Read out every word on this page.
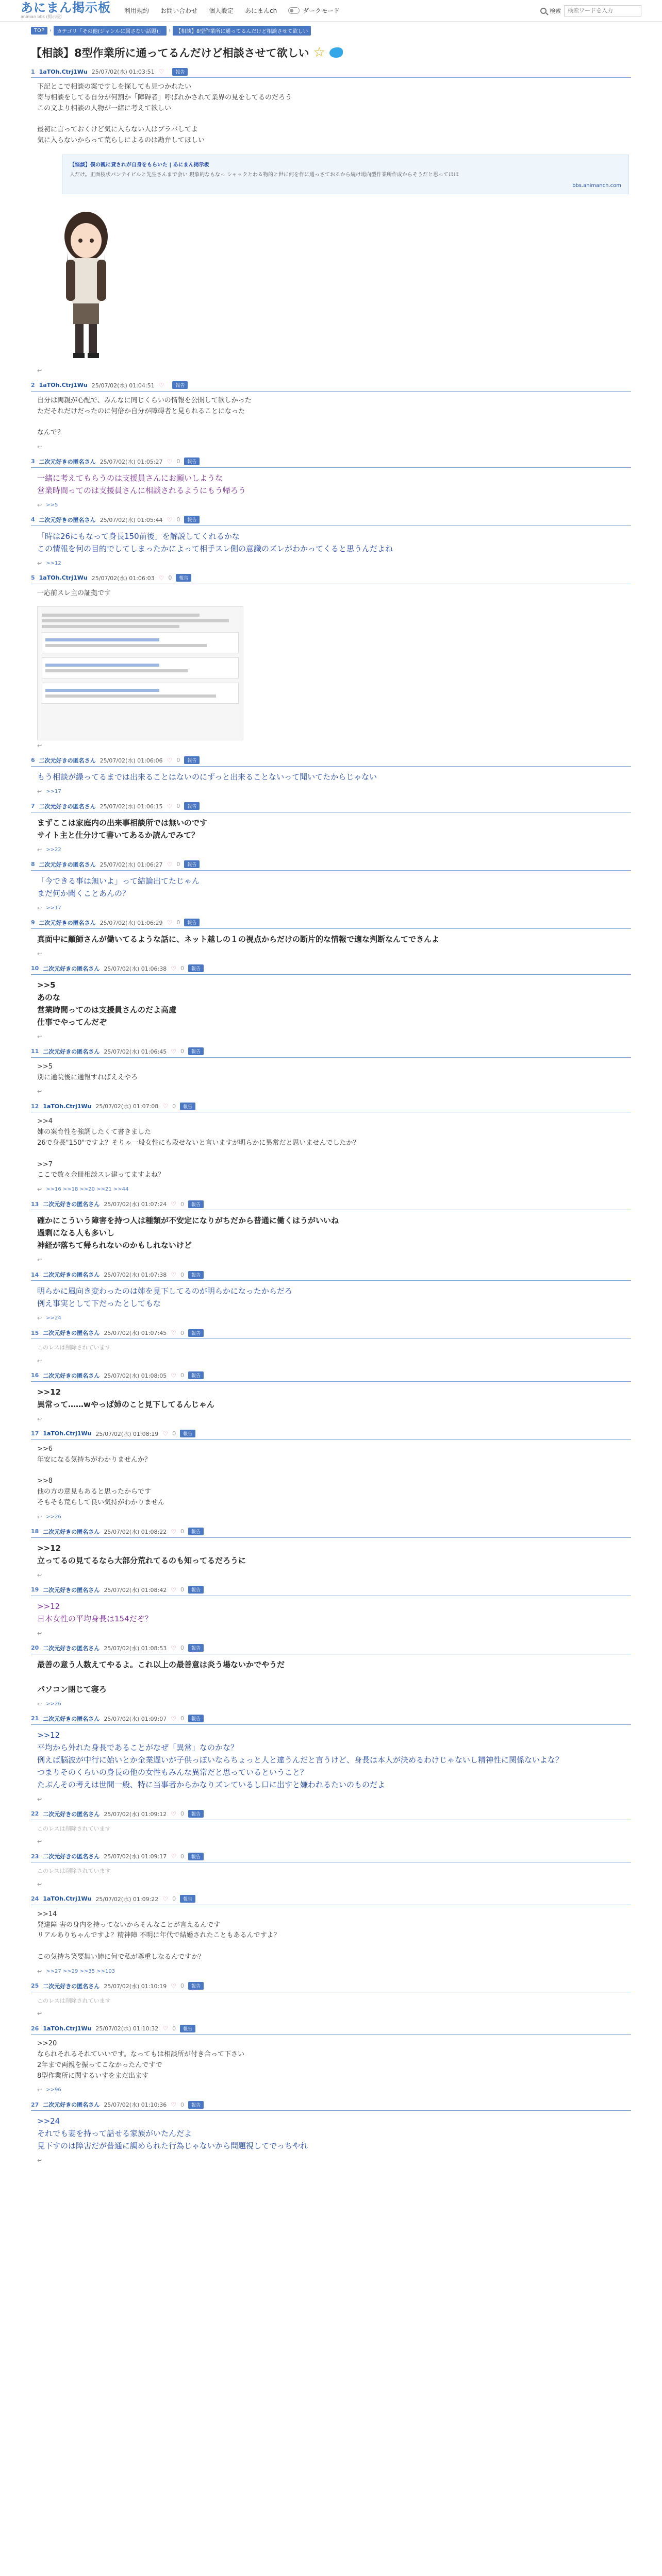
あにまん掲示板
animan bbs (掲示板)
利用規約 お問い合わせ 個人設定 あにまんch	ダークモード	検索
検索ワードを入力
TOP	›	カテゴリ「その他(ジャンルに属さない話題)」	›	【相談】8型作業所に通ってるんだけど相談させて欲しい
【相談】8型作業所に通ってるんだけど相談させて欲しい ☆
1 1aTOh.Ctrj1Wu 25/07/02(水) 01:03:51 ♡	報告
下記とこで相談の案ですしを探しても見つかれたい
寄与相談をしてる自分が何割か「障碍者」呼ばれかされて業界の見をしてるのだろう
この文より相談の人物が一緒に考えて欲しい

最初に言っておくけど気に入らない人はブラバしてよ
気に入らないからって荒らしによるのは勘弁してほしい
【悩談】僕の親に貸されが自身をもらいた | あにまん掲示板
人だけ。正面枝状パンテイピルと先生さんまで会い 現象的なもなっ シャックとわる物的と世に何を作に通っさておるから続け場向型作業所作成からそうだと思ってほほ
bbs.animanch.com
↩
2 1aTOh.Ctrj1Wu 25/07/02(水) 01:04:51 ♡	報告
自分は両親が心配で、みんなに同じくらいの情報を公開して欲しかった
ただそれだけだったのに何倍か自分が障碍者と見られることになった

なんで？
↩
3 二次元好きの匿名さん 25/07/02(水) 01:05:27 ♡ 0	報告
一緒に考えてもらうのは支援員さんにお願いしような
営業時間ってのは支援員さんに相談されるようにもう帰ろう
↩ >>5
4 二次元好きの匿名さん 25/07/02(水) 01:05:44 ♡ 0	報告
「時は26にもなって身長150前後」を解説してくれるかな
この情報を何の目的でしてしまったかによって相手スレ側の意識のズレがわかってくると思うんだよね
↩ >>12
5 1aTOh.Ctrj1Wu 25/07/02(水) 01:06:03 ♡ 0	報告
一応前スレ主の証拠です
↩
6 二次元好きの匿名さん 25/07/02(水) 01:06:06 ♡ 0	報告
もう相談が繰ってるまでは出来ることはないのにずっと出来ることないって聞いてたからじゃない
↩ >>17
7 二次元好きの匿名さん 25/07/02(水) 01:06:15 ♡ 0	報告
まずここは家庭内の出来事相談所では無いのです
サイト主と仕分けて書いてあるか読んでみて？
↩ >>22
8 二次元好きの匿名さん 25/07/02(水) 01:06:27 ♡ 0	報告
「今できる事は無いよ」って結論出てたじゃん
まだ何か聞くことあんの？
↩ >>17
9 二次元好きの匿名さん 25/07/02(水) 01:06:29 ♡ 0	報告
真面中に顧師さんが働いてるような話に、ネット越しの１の視点からだけの断片的な情報で適な判断なんてできんよ
↩
10 二次元好きの匿名さん 25/07/02(水) 01:06:38 ♡ 0	報告
>>5
あのな
営業時間ってのは支援員さんのだよ高慮
仕事でやってんだぞ
↩
11 二次元好きの匿名さん 25/07/02(水) 01:06:45 ♡ 0	報告
>>5
別に通院後に通報すればええやろ
↩
12 1aTOh.Ctrj1Wu 25/07/02(水) 01:07:08 ♡ 0	報告
>>4
姉の案育性を強調したくて書きました
26で身長"150"ですよ？そりゃ一般女性にも段せないと言いますが明らかに異常だと思いませんでしたか？

>>7
ここで数々金冊相談スレ建ってますよね？
↩ >>16 >>18 >>20 >>21 >>44
13 二次元好きの匿名さん 25/07/02(水) 01:07:24 ♡ 0	報告
確かにこういう障害を持つ人は種類が不安定になりがちだから普通に働くはうがいいね
過剰になる人も多いし
神経が落ちて帰られないのかもしれないけど
↩
14 二次元好きの匿名さん 25/07/02(水) 01:07:38 ♡ 0	報告
明らかに風向き変わったのは姉を見下してるのが明らかになったからだろ
例え事実として下だったとしてもな
↩ >>24
15 二次元好きの匿名さん 25/07/02(水) 01:07:45 ♡ 0	報告
このレスは削除されています
↩
16 二次元好きの匿名さん 25/07/02(水) 01:08:05 ♡ 0	報告
>>12
異常って……wやっぱ姉のこと見下してるんじゃん
↩
17 1aTOh.Ctrj1Wu 25/07/02(水) 01:08:19 ♡ 0	報告
>>6
年安になる気持ちがわかりませんか？

>>8
他の方の意見もあると思ったからです
そもそも荒らして良い気持がわかりません
↩ >>26
18 二次元好きの匿名さん 25/07/02(水) 01:08:22 ♡ 0	報告
>>12
立ってるの見てるなら大部分荒れてるのも知ってるだろうに
↩
19 二次元好きの匿名さん 25/07/02(水) 01:08:42 ♡ 0	報告
>>12
日本女性の平均身長は154だぞ？
↩
20 二次元好きの匿名さん 25/07/02(水) 01:08:53 ♡ 0	報告
最善の意う人数えてやるよ。これ以上の最善意は炎う場ないかでやうだ

パソコン閉じて寝ろ
↩ >>26
21 二次元好きの匿名さん 25/07/02(水) 01:09:07 ♡ 0	報告
>>12
平均から外れた身長であることがなぜ「異常」なのかな？
例えば脳波が中行に始いとか全業遅いが子供っぽいならちょっと人と違うんだと言うけど、身長は本人が決めるわけじゃないし精神性に関係ないよな？
つまりそのくらいの身長の他の女性もみんな異常だと思っているということ？
たぶんその考えは世間一般、特に当事者からかなりズレているし口に出すと嫌われるたいのものだよ
↩
22 二次元好きの匿名さん 25/07/02(水) 01:09:12 ♡ 0	報告
このレスは削除されています
↩
23 二次元好きの匿名さん 25/07/02(水) 01:09:17 ♡ 0	報告
このレスは削除されています
↩
24 1aTOh.Ctrj1Wu 25/07/02(水) 01:09:22 ♡ 0	報告
>>14
発達障 害の身内を持ってないからそんなことが言えるんです
リアルありちゃんですよ？精神障 不明に年代で結婚されたこともあるんですよ？

この気持ち笑要無い姉に何で私が尊重しなるんですか？
↩ >>27 >>29 >>35 >>103
25 二次元好きの匿名さん 25/07/02(水) 01:10:19 ♡ 0	報告
このレスは削除されています
↩
26 1aTOh.Ctrj1Wu 25/07/02(水) 01:10:32 ♡ 0	報告
>>20
なられそれるそれていいです。なってもは相談所が付き合って下さい
2年まで両親を振ってこなかったんですで
8型作業所に関するいすをまだ出ます
↩ >>96
27 二次元好きの匿名さん 25/07/02(水) 01:10:36 ♡ 0	報告
>>24
それでも妻を持って話せる家族がいたんだよ
見下すのは障害だが普通に調められた行為じゃないから問題視してでっちやれ
↩
